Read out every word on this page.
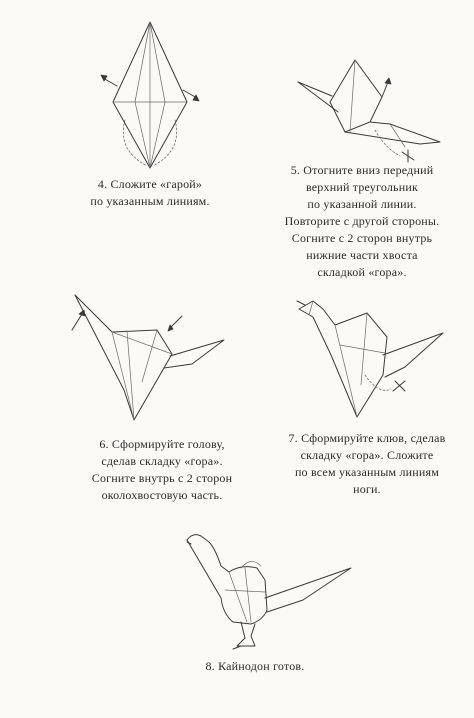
4. Сложите «гарой»
по указанным линиям.
5. Отогните вниз передний
верхний треугольник
по указанной линии.
Повторите с другой стороны.
Согните с 2 сторон внутрь
нижние части хвоста
складкой «гора».
6. Сформируйте голову,
сделав складку «гора».
Согните внутрь с 2 сторон
околохвостовую часть.
7. Сформируйте клюв, сделав
складку «гора». Сложите
по всем указанным линиям
ноги.
8. Кайнодон готов.
